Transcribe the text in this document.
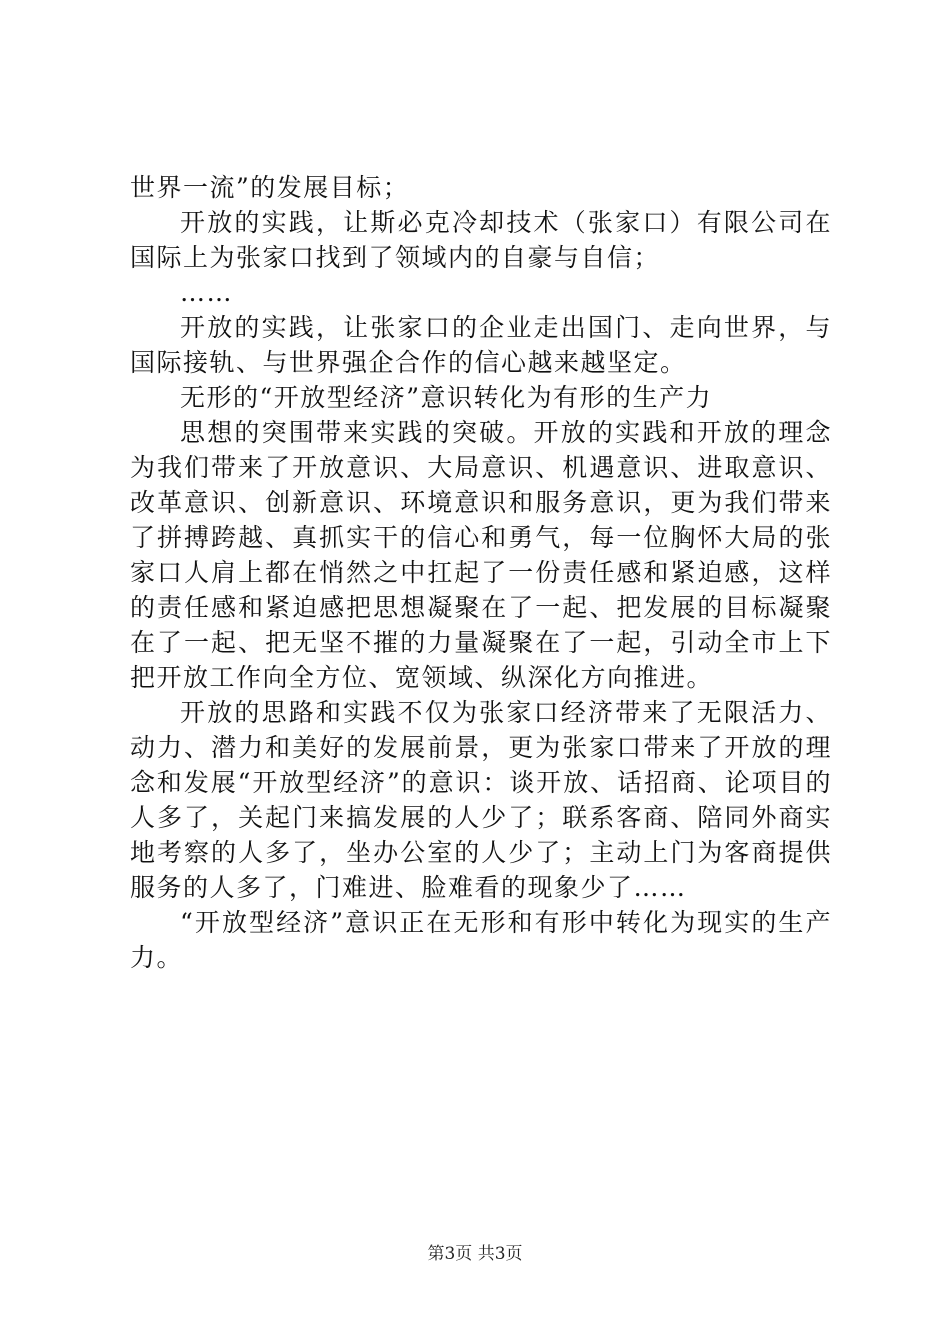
世界一流”的发展目标；

开放的实践，让斯必克冷却技术（张家口）有限公司在国际上为张家口找到了领域内的自豪与自信；

……

开放的实践，让张家口的企业走出国门、走向世界，与国际接轨、与世界强企合作的信心越来越坚定。

无形的“开放型经济”意识转化为有形的生产力

思想的突围带来实践的突破。开放的实践和开放的理念为我们带来了开放意识、大局意识、机遇意识、进取意识、改革意识、创新意识、环境意识和服务意识，更为我们带来了拼搏跨越、真抓实干的信心和勇气，每一位胸怀大局的张家口人肩上都在悄然之中扛起了一份责任感和紧迫感，这样的责任感和紧迫感把思想凝聚在了一起、把发展的目标凝聚在了一起、把无坚不摧的力量凝聚在了一起，引动全市上下把开放工作向全方位、宽领域、纵深化方向推进。

开放的思路和实践不仅为张家口经济带来了无限活力、动力、潜力和美好的发展前景，更为张家口带来了开放的理念和发展“开放型经济”的意识：谈开放、话招商、论项目的人多了，关起门来搞发展的人少了；联系客商、陪同外商实地考察的人多了，坐办公室的人少了；主动上门为客商提供服务的人多了，门难进、脸难看的现象少了……

“开放型经济”意识正在无形和有形中转化为现实的生产力。

第3页 共3页
